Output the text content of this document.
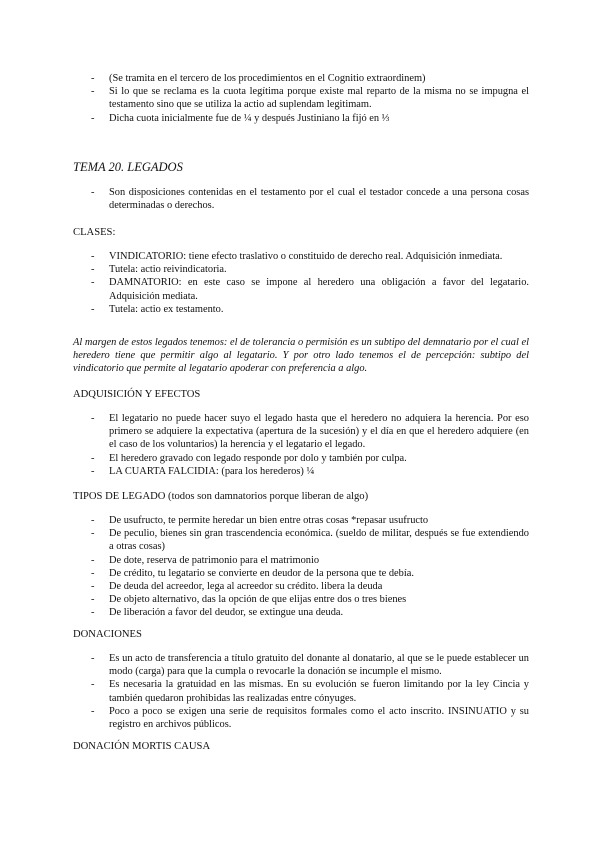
- (Se tramita en el tercero de los procedimientos en el Cognitio extraordinem)
- Si lo que se reclama es la cuota legítima porque existe mal reparto de la misma no se impugna el testamento sino que se utiliza la actio ad suplendam legitimam.
- Dicha cuota inicialmente fue de ¼ y después Justiniano la fijó en ⅓
TEMA 20. LEGADOS
- Son disposiciones contenidas en el testamento por el cual el testador concede a una persona cosas determinadas o derechos.
CLASES:
- VINDICATORIO: tiene efecto traslativo o constituido de derecho real. Adquisición inmediata.
- Tutela: actio reivindicatoria.
- DAMNATORIO: en este caso se impone al heredero una obligación a favor del legatario. Adquisición mediata.
- Tutela: actio ex testamento.
Al margen de estos legados tenemos: el de tolerancia o permisión es un subtipo del demnatario por el cual el heredero tiene que permitir algo al legatario. Y por otro lado tenemos el de percepción: subtipo del vindicatorio que permite al legatario apoderar con preferencia a algo.
ADQUISICIÓN Y EFECTOS
- El legatario no puede hacer suyo el legado hasta que el heredero no adquiera la herencia. Por eso primero se adquiere la expectativa (apertura de la sucesión) y el día en que el heredero adquiere (en el caso de los voluntarios) la herencia y el legatario el legado.
- El heredero gravado con legado responde por dolo y también por culpa.
- LA CUARTA FALCIDIA: (para los herederos) ¼
TIPOS DE LEGADO (todos son damnatorios porque liberan de algo)
- De usufructo, te permite heredar un bien entre otras cosas *repasar usufructo
- De peculio, bienes sin gran trascendencia económica. (sueldo de militar, después se fue extendiendo a otras cosas)
- De dote, reserva de patrimonio para el matrimonio
- De crédito, tu legatario se convierte en deudor de la persona que te debía.
- De deuda del acreedor, lega al acreedor su crédito. libera la deuda
- De objeto alternativo, das la opción de que elijas entre dos o tres bienes
- De liberación a favor del deudor, se extingue una deuda.
DONACIONES
- Es un acto de transferencia a título gratuito del donante al donatario, al que se le puede establecer un modo (carga) para que la cumpla o revocarle la donación se incumple el mismo.
- Es necesaria la gratuidad en las mismas. En su evolución se fueron limitando por la ley Cincia y también quedaron prohibidas las realizadas entre cónyuges.
- Poco a poco se exigen una serie de requisitos formales como el acto inscrito. INSINUATIO y su registro en archivos públicos.
DONACIÓN MORTIS CAUSA
